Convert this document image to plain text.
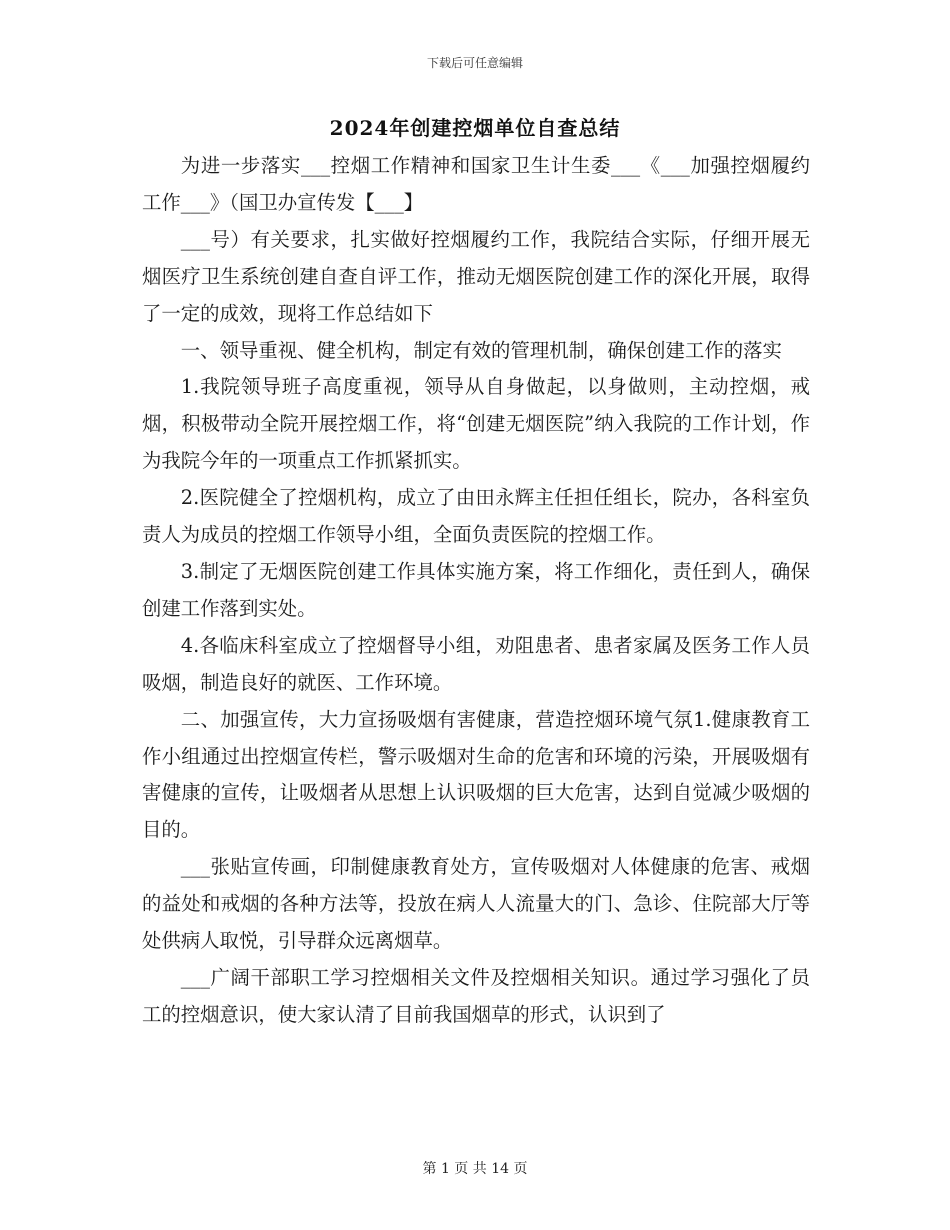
下载后可任意编辑
2024年创建控烟单位自查总结

为进一步落实___控烟工作精神和国家卫生计生委___《___加强控烟履约工作___》（国卫办宣传发【___】

___号）有关要求，扎实做好控烟履约工作，我院结合实际，仔细开展无烟医疗卫生系统创建自查自评工作，推动无烟医院创建工作的深化开展，取得了一定的成效，现将工作总结如下

一、领导重视、健全机构，制定有效的管理机制，确保创建工作的落实

1.我院领导班子高度重视，领导从自身做起，以身做则，主动控烟，戒烟，积极带动全院开展控烟工作，将“创建无烟医院”纳入我院的工作计划，作为我院今年的一项重点工作抓紧抓实。

2.医院健全了控烟机构，成立了由田永辉主任担任组长，院办，各科室负责人为成员的控烟工作领导小组，全面负责医院的控烟工作。

3.制定了无烟医院创建工作具体实施方案，将工作细化，责任到人，确保创建工作落到实处。

4.各临床科室成立了控烟督导小组，劝阻患者、患者家属及医务工作人员吸烟，制造良好的就医、工作环境。

二、加强宣传，大力宣扬吸烟有害健康，营造控烟环境气氛1.健康教育工作小组通过出控烟宣传栏，警示吸烟对生命的危害和环境的污染，开展吸烟有害健康的宣传，让吸烟者从思想上认识吸烟的巨大危害，达到自觉减少吸烟的目的。

___张贴宣传画，印制健康教育处方，宣传吸烟对人体健康的危害、戒烟的益处和戒烟的各种方法等，投放在病人人流量大的门、急诊、住院部大厅等处供病人取悦，引导群众远离烟草。

___广阔干部职工学习控烟相关文件及控烟相关知识。通过学习强化了员工的控烟意识，使大家认清了目前我国烟草的形式，认识到了

第 1 页 共 14 页
